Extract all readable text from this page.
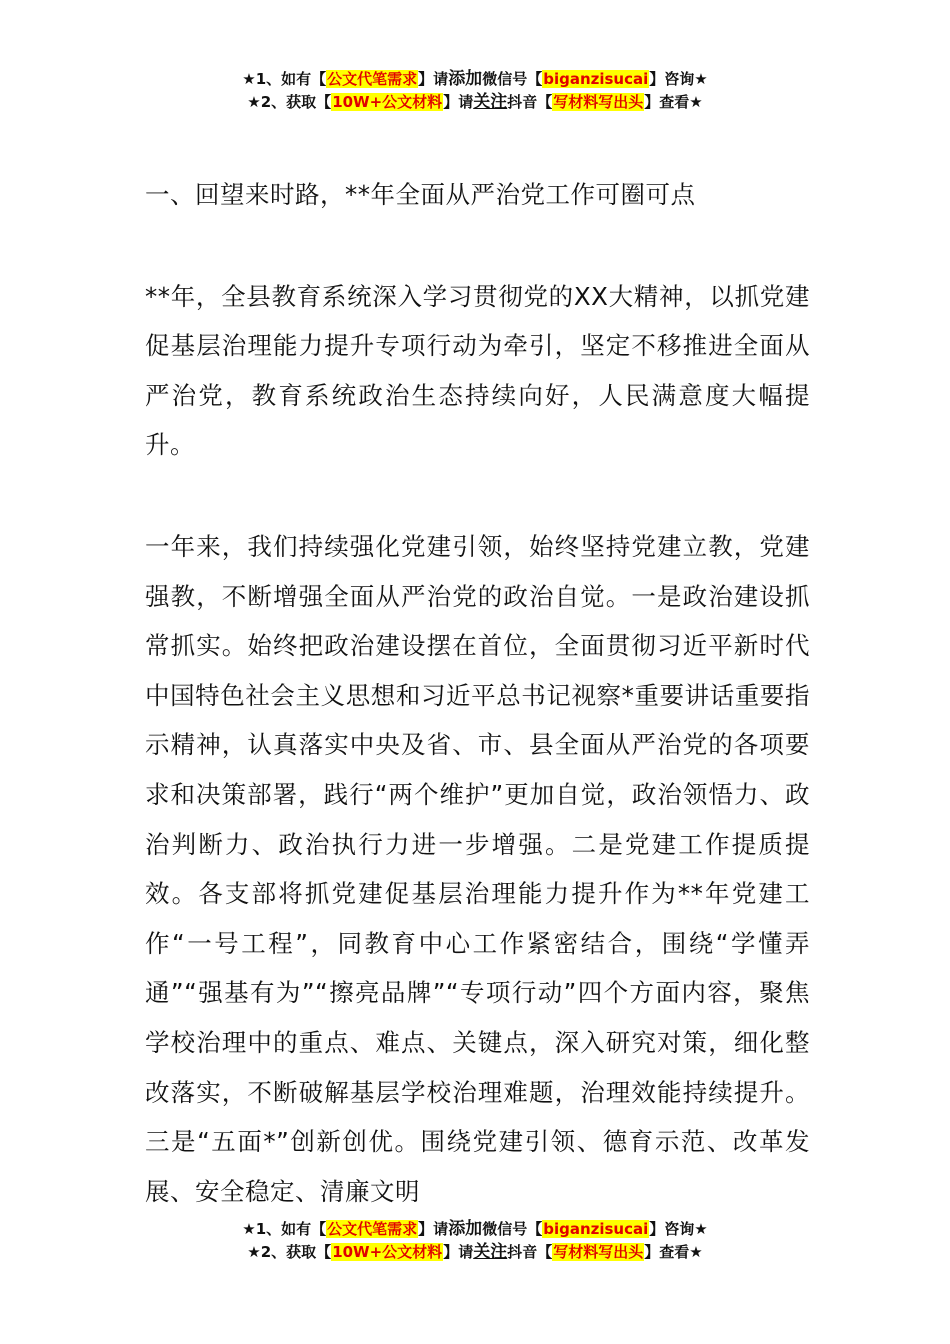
★1、如有【公文代笔需求】请添加微信号【biganzisucai】咨询★
★2、获取【10W+公文材料】请关注抖音【写材料写出头】查看★

一、回望来时路，**年全面从严治党工作可圈可点

**年，全县教育系统深入学习贯彻党的XX大精神，以抓党建促基层治理能力提升专项行动为牵引，坚定不移推进全面从严治党，教育系统政治生态持续向好，人民满意度大幅提升。

一年来，我们持续强化党建引领，始终坚持党建立教，党建强教，不断增强全面从严治党的政治自觉。一是政治建设抓常抓实。始终把政治建设摆在首位，全面贯彻习近平新时代中国特色社会主义思想和习近平总书记视察*重要讲话重要指示精神，认真落实中央及省、市、县全面从严治党的各项要求和决策部署，践行“两个维护”更加自觉，政治领悟力、政治判断力、政治执行力进一步增强。二是党建工作提质提效。各支部将抓党建促基层治理能力提升作为**年党建工作“一号工程”，同教育中心工作紧密结合，围绕“学懂弄通”“强基有为”“擦亮品牌”“专项行动”四个方面内容，聚焦学校治理中的重点、难点、关键点，深入研究对策，细化整改落实，不断破解基层学校治理难题，治理效能持续提升。三是“五面*”创新创优。围绕党建引领、德育示范、改革发展、安全稳定、清廉文明

★1、如有【公文代笔需求】请添加微信号【biganzisucai】咨询★
★2、获取【10W+公文材料】请关注抖音【写材料写出头】查看★
